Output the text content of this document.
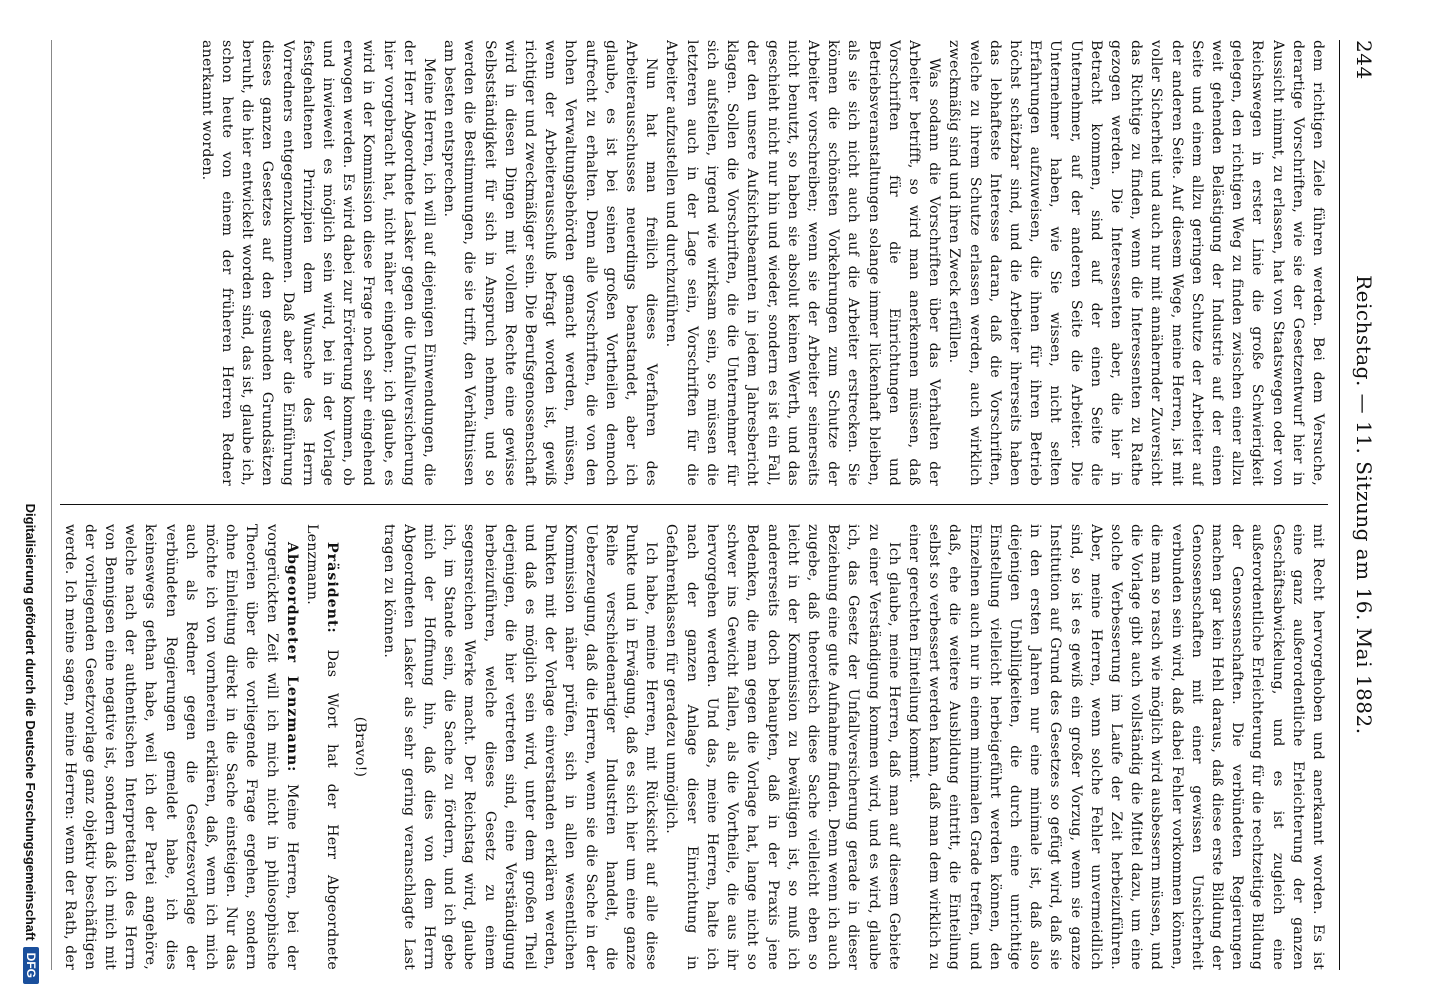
244
Reichstag. — 11. Sitzung am 16. Mai 1882.

dem richtigen Ziele führen werden. Bei dem Versuche, derartige Vorschriften, wie sie der Gesetzentwurf hier in Aussicht nimmt, zu erlassen, hat von Staatswegen oder von Reichswegen in erster Linie die große Schwierigkeit gelegen, den richtigen Weg zu finden zwischen einer allzu weit gehenden Belästigung der Industrie auf der einen Seite und einem allzu geringen Schutze der Arbeiter auf der anderen Seite. Auf diesem Wege, meine Herren, ist mit voller Sicherheit und auch nur mit annähernder Zuversicht das Richtige zu finden, wenn die Interessenten zu Rathe gezogen werden. Die Interessenten aber, die hier in Betracht kommen, sind auf der einen Seite die Unternehmer, auf der anderen Seite die Arbeiter. Die Unternehmer haben, wie Sie wissen, nicht selten Erfahrungen aufzuweisen, die ihnen für ihren Betrieb höchst schätzbar sind, und die Arbeiter ihrerseits haben das lebhafteste Interesse daran, daß die Vorschriften, welche zu ihrem Schutze erlassen werden, auch wirklich zweckmäßig sind und ihren Zweck erfüllen.

Was sodann die Vorschriften über das Verhalten der Arbeiter betrifft, so wird man anerkennen müssen, daß Vorschriften für die Einrichtungen und Betriebsveranstaltungen solange immer lückenhaft bleiben, als sie sich nicht auch auf die Arbeiter erstrecken. Sie können die schönsten Vorkehrungen zum Schutze der Arbeiter vorschreiben; wenn sie der Arbeiter seinerseits nicht benutzt, so haben sie absolut keinen Werth, und das geschieht nicht nur hin und wieder, sondern es ist ein Fall, der den unsere Aufsichtsbeamten in jedem Jahresbericht klagen. Sollen die Vorschriften, die die Unternehmer für sich aufstellen, irgend wie wirksam sein, so müssen die letzteren auch in der Lage sein, Vorschriften für die Arbeiter aufzustellen und durchzuführen.

Nun hat man freilich dieses Verfahren des Arbeiterausschusses neuerdings beanstandet, aber ich glaube, es ist bei seinen großen Vortheilen dennoch aufrecht zu erhalten. Denn alle Vorschriften, die von den hohen Verwaltungsbehörden gemacht werden, müssen, wenn der Arbeiterausschuß befragt worden ist, gewiß richtiger und zweckmäßiger sein. Die Berufsgenossenschaft wird in diesen Dingen mit vollem Rechte eine gewisse Selbstständigkeit für sich in Anspruch nehmen, und so werden die Bestimmungen, die sie trifft, den Verhältnissen am besten entsprechen.

Meine Herren, ich will auf diejenigen Einwendungen, die der Herr Abgeordnete Lasker gegen die Unfallversicherung hier vorgebracht hat, nicht näher eingehen; ich glaube, es wird in der Kommission diese Frage noch sehr eingehend erwogen werden. Es wird dabei zur Erörterung kommen, ob und inwieweit es möglich sein wird, bei in der Vorlage festgehaltenen Prinzipien dem Wunsche des Herrn Vorredners entgegenzukommen. Daß aber die Einführung dieses ganzen Gesetzes auf den gesunden Grundsätzen beruht, die hier entwickelt worden sind, das ist, glaube ich, schon heute von einem der früheren Herren Redner anerkannt worden.

mit Recht hervorgehoben und anerkannt worden. Es ist eine ganz außerordentliche Erleichterung der ganzen Geschäftsabwickelung, und es ist zugleich eine außerordentliche Erleichterung für die rechtzeitige Bildung der Genossenschaften. Die verbündeten Regierungen machen gar kein Hehl daraus, daß diese erste Bildung der Genossenschaften mit einer gewissen Unsicherheit verbunden sein wird, daß dabei Fehler vorkommen können, die man so rasch wie möglich wird ausbessern müssen, und die Vorlage gibt auch vollständig die Mittel dazu, um eine solche Verbesserung im Laufe der Zeit herbeizuführen. Aber, meine Herren, wenn solche Fehler unvermeidlich sind, so ist es gewiß ein großer Vorzug, wenn sie ganze Institution auf Grund des Gesetzes so gefügt wird, daß sie in den ersten Jahren nur eine minimale ist, daß also diejenigen Unbilligkeiten, die durch eine unrichtige Einstellung vielleicht herbeigeführt werden können, den Einzelnen auch nur in einem minimalen Grade treffen, und daß, ehe die weitere Ausbildung eintritt, die Einteilung selbst so verbessert werden kann, daß man dem wirklich zu einer gerechten Einteilung kommt.

Ich glaube, meine Herren, daß man auf diesem Gebiete zu einer Verständigung kommen wird, und es wird, glaube ich, das Gesetz der Unfallversicherung gerade in dieser Beziehung eine gute Aufnahme finden. Denn wenn ich auch zugebe, daß theoretisch diese Sache vielleicht eben so leicht in der Kommission zu bewältigen ist, so muß ich andererseits doch behaupten, daß in der Praxis jene Bedenken, die man gegen die Vorlage hat, lange nicht so schwer ins Gewicht fallen, als die Vortheile, die aus ihr hervorgehen werden. Und das, meine Herren, halte ich nach der ganzen Anlage dieser Einrichtung in Gefahrenklassen für geradezu unmöglich.

Ich habe, meine Herren, mit Rücksicht auf alle diese Punkte und in Erwägung, daß es sich hier um eine ganze Reihe verschiedenartiger Industrien handelt, die Ueberzeugung, daß die Herren, wenn sie die Sache in der Kommission näher prüfen, sich in allen wesentlichen Punkten mit der Vorlage einverstanden erklären werden, und daß es möglich sein wird, unter dem großen Theil derjenigen, die hier vertreten sind, eine Verständigung herbeizuführen, welche dieses Gesetz zu einem segensreichen Werke macht. Der Reichstag wird, glaube ich, im Stande sein, die Sache zu fördern, und ich gebe mich der Hoffnung hin, daß dies von dem Herrn Abgeordneten Lasker als sehr gering veranschlagte Last tragen zu können.

(Bravo!)

Präsident: Das Wort hat der Herr Abgeordnete Lenzmann.

Abgeordneter Lenzmann: Meine Herren, bei der vorgerückten Zeit will ich mich nicht in philosophische Theorien über die vorliegende Frage ergehen, sondern ohne Einleitung direkt in die Sache einsteigen. Nur das möchte ich von vornherein erklären, daß, wenn ich mich auch als Redner gegen die Gesetzesvorlage der verbündeten Regierungen gemeldet habe, ich dies keineswegs gethan habe, weil ich der Partei angehöre, welche nach der authentischen Interpretation des Herrn von Bennigsen eine negative ist, sondern daß ich mich mit der vorliegenden Gesetzvorlage ganz objektiv beschäftigen werde. Ich meine sagen, meine Herren: wenn der Rath, der

Digitalisierung gefördert durch die Deutsche Forschungsgemeinschaft
DFG
